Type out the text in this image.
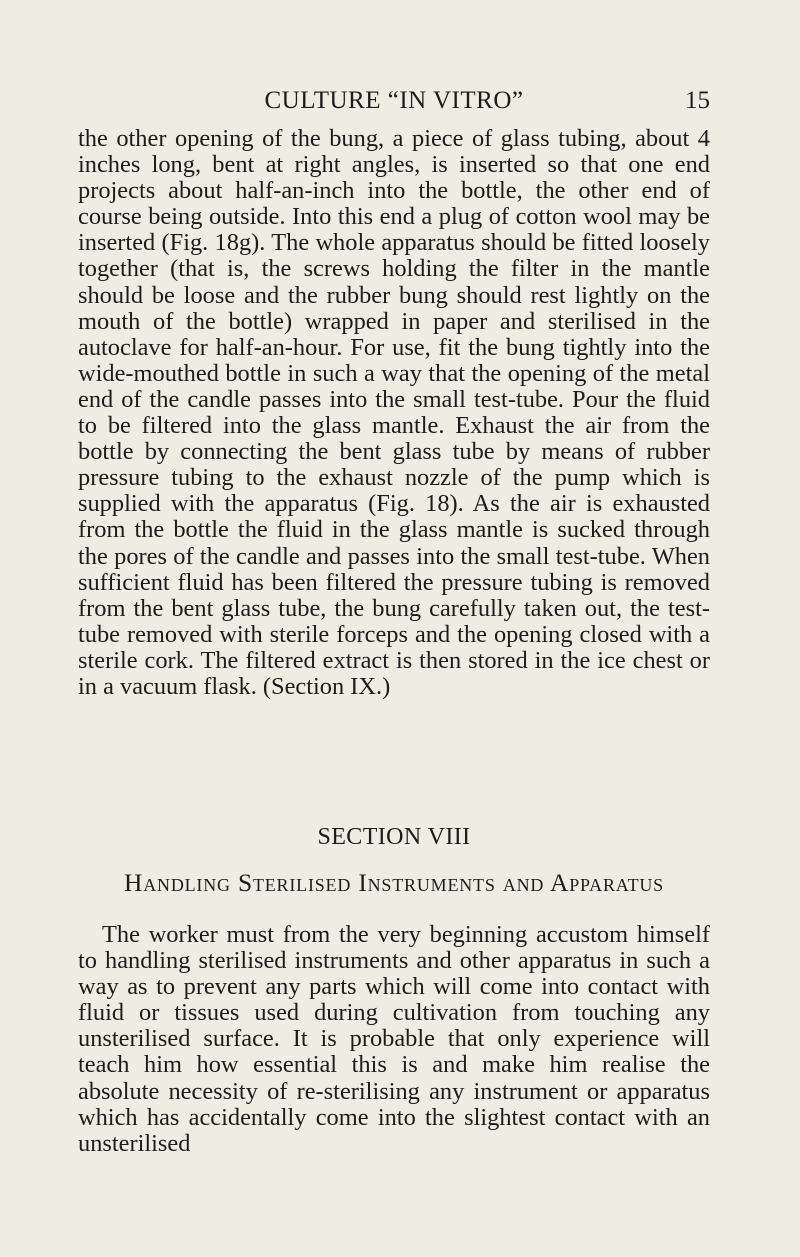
CULTURE “IN VITRO”	15

the other opening of the bung, a piece of glass tubing, about 4 inches long, bent at right angles, is inserted so that one end projects about half-an-inch into the bottle, the other end of course being outside. Into this end a plug of cotton wool may be inserted (Fig. 18g). The whole apparatus should be fitted loosely together (that is, the screws holding the filter in the mantle should be loose and the rubber bung should rest lightly on the mouth of the bottle) wrapped in paper and sterilised in the autoclave for half-an-hour. For use, fit the bung tightly into the wide-mouthed bottle in such a way that the opening of the metal end of the candle passes into the small test-tube. Pour the fluid to be filtered into the glass mantle. Exhaust the air from the bottle by connecting the bent glass tube by means of rubber pressure tubing to the exhaust nozzle of the pump which is supplied with the apparatus (Fig. 18). As the air is exhausted from the bottle the fluid in the glass mantle is sucked through the pores of the candle and passes into the small test-tube. When sufficient fluid has been filtered the pressure tubing is removed from the bent glass tube, the bung carefully taken out, the test-tube removed with sterile forceps and the opening closed with a sterile cork. The filtered extract is then stored in the ice chest or in a vacuum flask. (Section IX.)

SECTION VIII
Handling Sterilised Instruments and Apparatus

The worker must from the very beginning accustom himself to handling sterilised instruments and other apparatus in such a way as to prevent any parts which will come into contact with fluid or tissues used during cultivation from touching any unsterilised surface. It is probable that only experience will teach him how essential this is and make him realise the absolute necessity of re-sterilising any instrument or apparatus which has accidentally come into the slightest contact with an unsterilised
